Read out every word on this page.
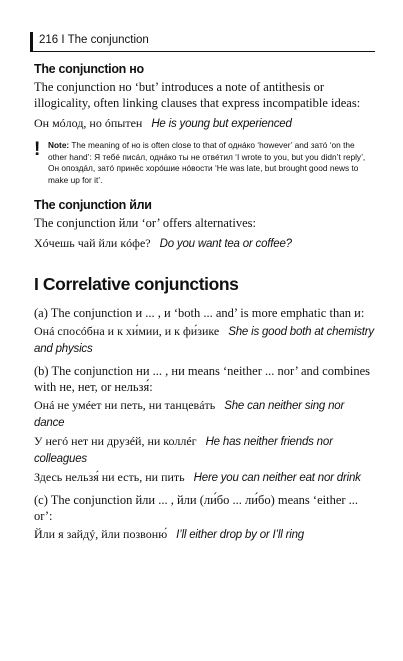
216 I The conjunction
The conjunction но

The conjunction но ‘but’ introduces a note of antithesis or illogicality, often linking clauses that express incompatible ideas:

Он мóлод, но óпытен He is young but experienced

! Note: The meaning of но is often close to that of однáко ‘however’ and затó ‘on the other hand’: Я тебé писáл, однáко ты не отвéтил ‘I wrote to you, but you didn’t reply’, Он опоздáл, затó принёс хорóшие нóвости ‘He was late, but brought good news to make up for it’.
The conjunction йли

The conjunction йли ‘or’ offers alternatives:

Хóчешь чай йли кóфе? Do you want tea or coffee?

I Correlative conjunctions

(a) The conjunction и ... , и ‘both ... and’ is more emphatic than и:

Онá спосóбна и к хи́мии, и к фи́зике She is good both at chemistry and physics

(b) The conjunction ни ... , ни means ‘neither ... nor’ and combines with не, нет, or нельзя́:

Онá не умéет ни петь, ни танцевáть She can neither sing nor dance

У негó нет ни друзéй, ни коллéг He has neither friends nor colleagues

Здесь нельзя́ ни есть, ни пить Here you can neither eat nor drink

(c) The conjunction йли ... , йли (ли́бо ... ли́бо) means ‘either ... or’:

Йли я зайдý, йли позвоню́ I’ll either drop by or I’ll ring
